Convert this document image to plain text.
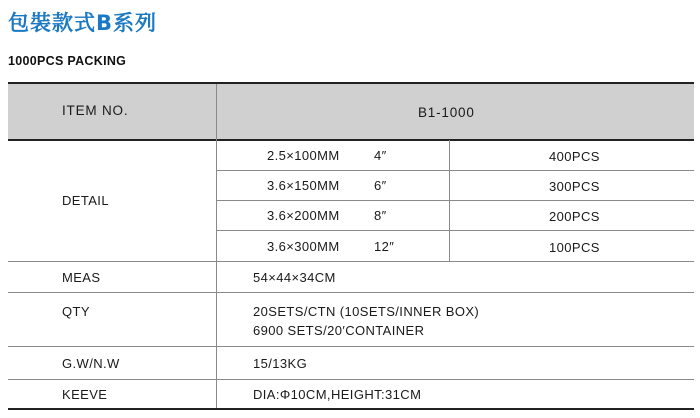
包裝款式B系列
1000PCS PACKING
ITEM NO.	B1-1000
DETAIL
2.5×100MM	4″	400PCS
3.6×150MM	6″	300PCS
3.6×200MM	8″	200PCS
3.6×300MM	12″	100PCS
MEAS	54×44×34CM
QTY	20SETS/CTN (10SETS/INNER BOX)
6900 SETS/20′CONTAINER
G.W/N.W	15/13KG
KEEVE	DIA:Φ10CM,HEIGHT:31CM
